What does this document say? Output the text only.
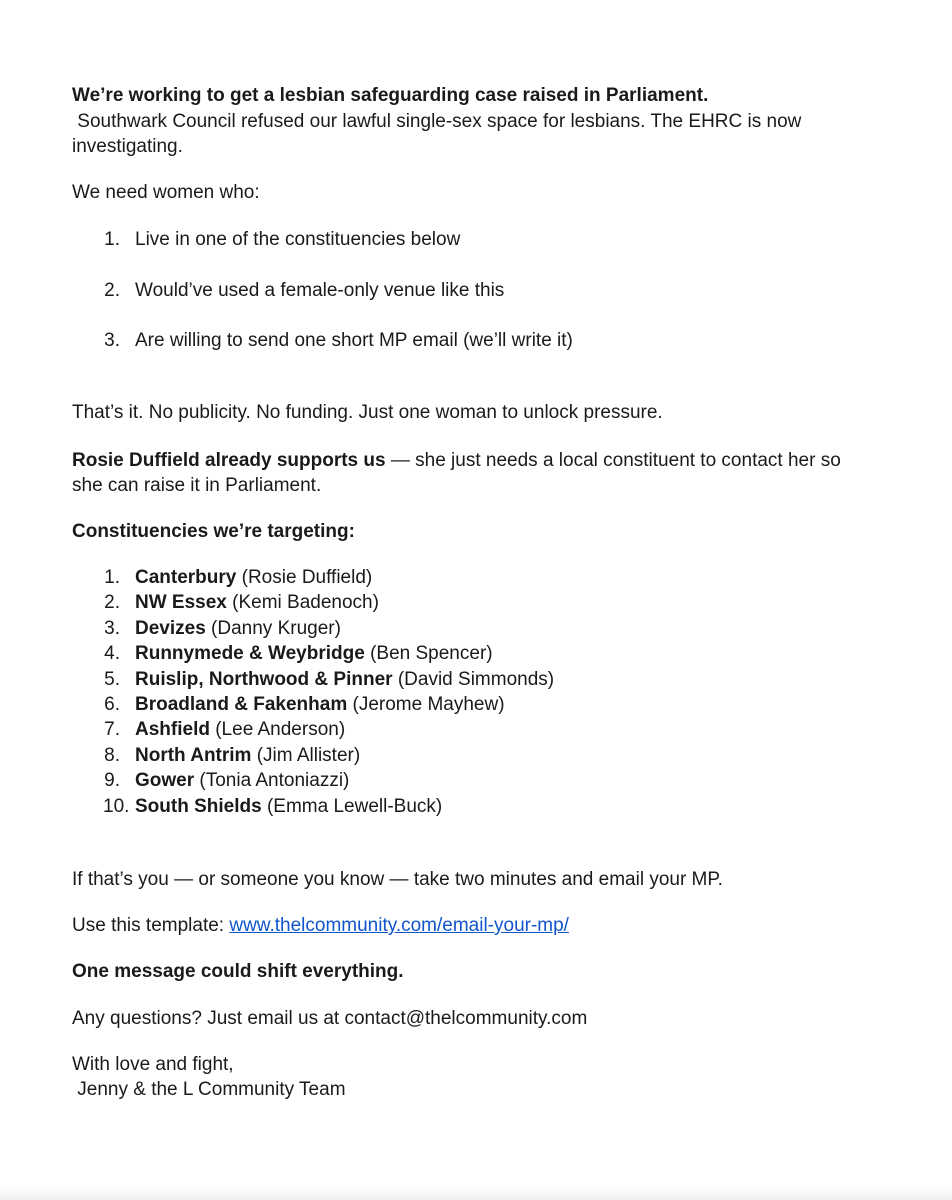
We’re working to get a lesbian safeguarding case raised in Parliament.
Southwark Council refused our lawful single-sex space for lesbians. The EHRC is now
investigating.
We need women who:
1. Live in one of the constituencies below
2. Would’ve used a female-only venue like this
3. Are willing to send one short MP email (we’ll write it)
That’s it. No publicity. No funding. Just one woman to unlock pressure.
Rosie Duffield already supports us — she just needs a local constituent to contact her so
she can raise it in Parliament.
Constituencies we’re targeting:
1. Canterbury (Rosie Duffield)
2. NW Essex (Kemi Badenoch)
3. Devizes (Danny Kruger)
4. Runnymede & Weybridge (Ben Spencer)
5. Ruislip, Northwood & Pinner (David Simmonds)
6. Broadland & Fakenham (Jerome Mayhew)
7. Ashfield (Lee Anderson)
8. North Antrim (Jim Allister)
9. Gower (Tonia Antoniazzi)
10. South Shields (Emma Lewell-Buck)
If that’s you — or someone you know — take two minutes and email your MP.
Use this template: www.thelcommunity.com/email-your-mp/
One message could shift everything.
Any questions? Just email us at contact@thelcommunity.com
With love and fight,
Jenny & the L Community Team
